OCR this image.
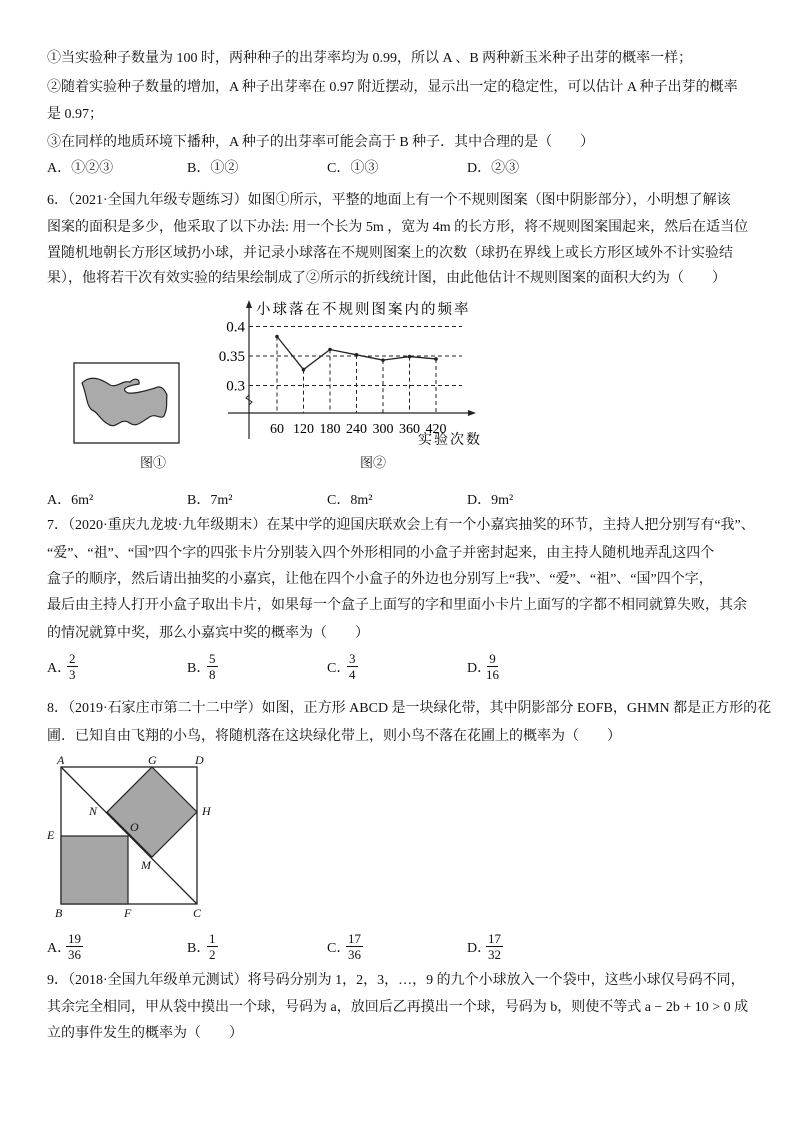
①当实验种子数量为 100 时，两种种子的出芽率均为 0.99，所以 A 、B 两种新玉米种子出芽的概率一样；
②随着实验种子数量的增加，A 种子出芽率在 0.97 附近摆动，显示出一定的稳定性，可以估计 A 种子出芽的概率
是 0.97；
③在同样的地质环境下播种，A 种子的出芽率可能会高于 B 种子．其中合理的是（　　）
A．①②③	B．①②	C．①③	D．②③
6．（2021·全国九年级专题练习）如图①所示，平整的地面上有一个不规则图案（图中阴影部分），小明想了解该
图案的面积是多少，他采取了以下办法: 用一个长为 5m ，宽为 4m 的长方形，将不规则图案围起来，然后在适当位
置随机地朝长方形区域扔小球，并记录小球落在不规则图案上的次数（球扔在界线上或长方形区域外不计实验结
果），他将若干次有效实验的结果绘制成了②所示的折线统计图，由此他估计不规则图案的面积大约为（　　）
图①
0.4
0.35
0.3
60 120 180 240 300 360 420
小球落在不规则图案内的频率
实验次数
图②
A．6m²	B．7m²	C．8m²	D．9m²
7．（2020·重庆九龙坡·九年级期末）在某中学的迎国庆联欢会上有一个小嘉宾抽奖的环节，主持人把分别写有“我”、
“爱”、“祖”、“国”四个字的四张卡片分别装入四个外形相同的小盒子并密封起来，由主持人随机地弄乱这四个
盒子的顺序，然后请出抽奖的小嘉宾，让他在四个小盒子的外边也分别写上“我”、“爱”、“祖”、“国”四个字，
最后由主持人打开小盒子取出卡片，如果每一个盒子上面写的字和里面小卡片上面写的字都不相同就算失败，其余
的情况就算中奖，那么小嘉宾中奖的概率为（　　）
A．
$\frac{2}{3}$	B．
$\frac{5}{8}$	C．
$\frac{3}{4}$	D．
$\frac{9}{16}$
8．（2019·石家庄市第二十二中学）如图，正方形 ABCD 是一块绿化带，其中阴影部分 EOFB，GHMN 都是正方形的花
圃．已知自由飞翔的小鸟，将随机落在这块绿化带上，则小鸟不落在花圃上的概率为（　　）
A	G	D
N	H
O
E
M
B	F	C
A．
$\frac{19}{36}$	B．
$\frac{1}{2}$	C．
$\frac{17}{36}$	D．
$\frac{17}{32}$
9．（2018·全国九年级单元测试）将号码分别为 1，2，3，…，9 的九个小球放入一个袋中，这些小球仅号码不同，
其余完全相同，甲从袋中摸出一个球，号码为 a，放回后乙再摸出一个球，号码为 b，则使不等式 a − 2b + 10 > 0 成
立的事件发生的概率为（　　）
